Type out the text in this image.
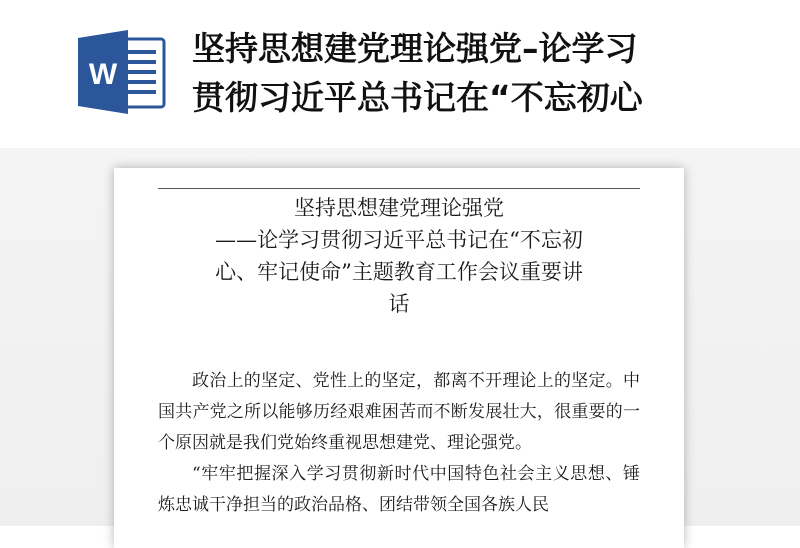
W
坚持思想建党理论强党–论学习
贯彻习近平总书记在“不忘初心
坚持思想建党理论强党
——论学习贯彻习近平总书记在“不忘初
心、牢记使命”主题教育工作会议重要讲
话

政治上的坚定、党性上的坚定，都离不开理论上的坚定。中国共产党之所以能够历经艰难困苦而不断发展壮大，很重要的一个原因就是我们党始终重视思想建党、理论强党。

“牢牢把握深入学习贯彻新时代中国特色社会主义思想、锤炼忠诚干净担当的政治品格、团结带领全国各族人民
